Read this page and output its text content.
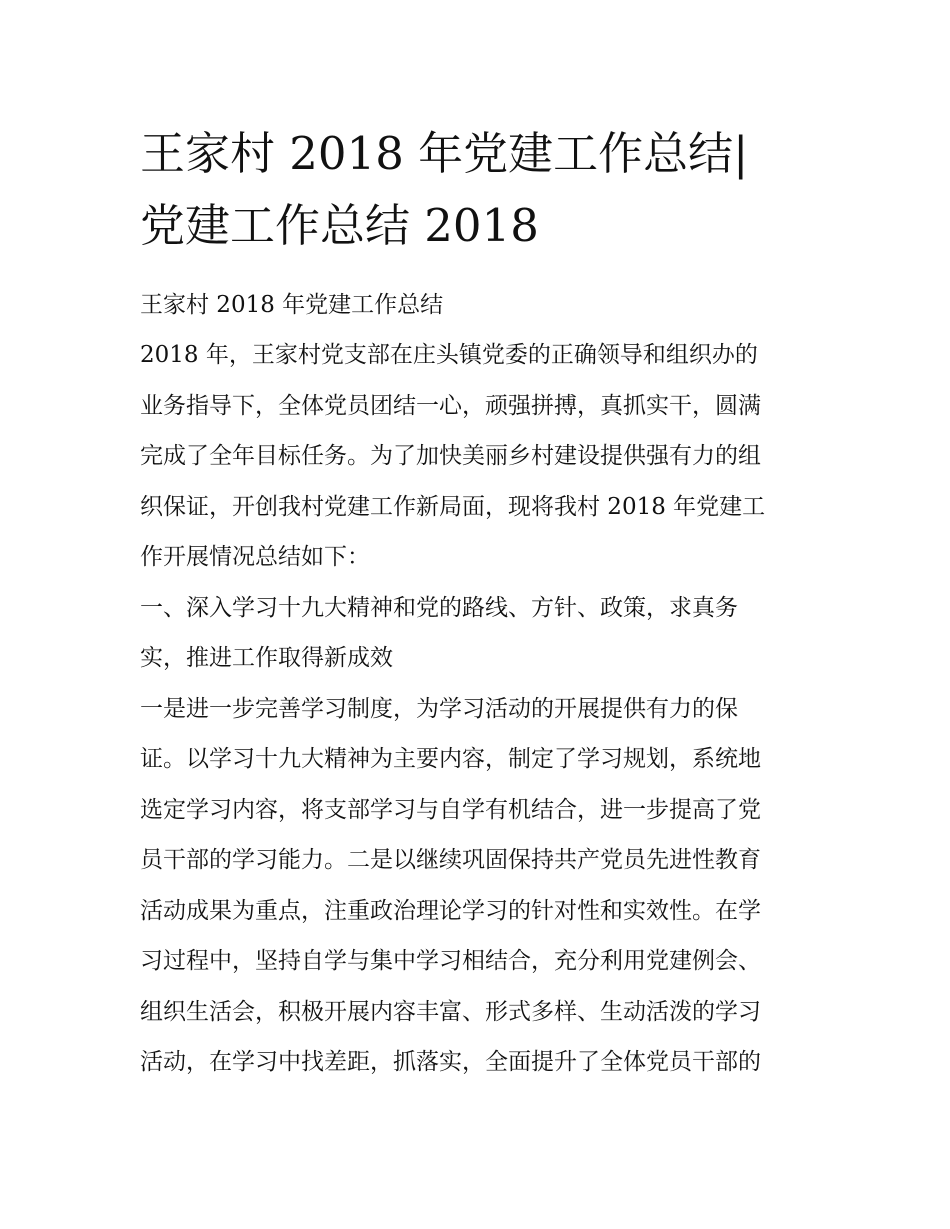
王家村 2018 年党建工作总结|
党建工作总结 2018

王家村 2018 年党建工作总结

2018 年，王家村党支部在庄头镇党委的正确领导和组织办的
业务指导下，全体党员团结一心，顽强拼搏，真抓实干，圆满
完成了全年目标任务。为了加快美丽乡村建设提供强有力的组
织保证，开创我村党建工作新局面，现将我村 2018 年党建工
作开展情况总结如下：

一、深入学习十九大精神和党的路线、方针、政策，求真务
实，推进工作取得新成效

一是进一步完善学习制度，为学习活动的开展提供有力的保
证。以学习十九大精神为主要内容，制定了学习规划，系统地
选定学习内容，将支部学习与自学有机结合，进一步提高了党
员干部的学习能力。二是以继续巩固保持共产党员先进性教育
活动成果为重点，注重政治理论学习的针对性和实效性。在学
习过程中，坚持自学与集中学习相结合，充分利用党建例会、
组织生活会，积极开展内容丰富、形式多样、生动活泼的学习
活动，在学习中找差距，抓落实，全面提升了全体党员干部的
